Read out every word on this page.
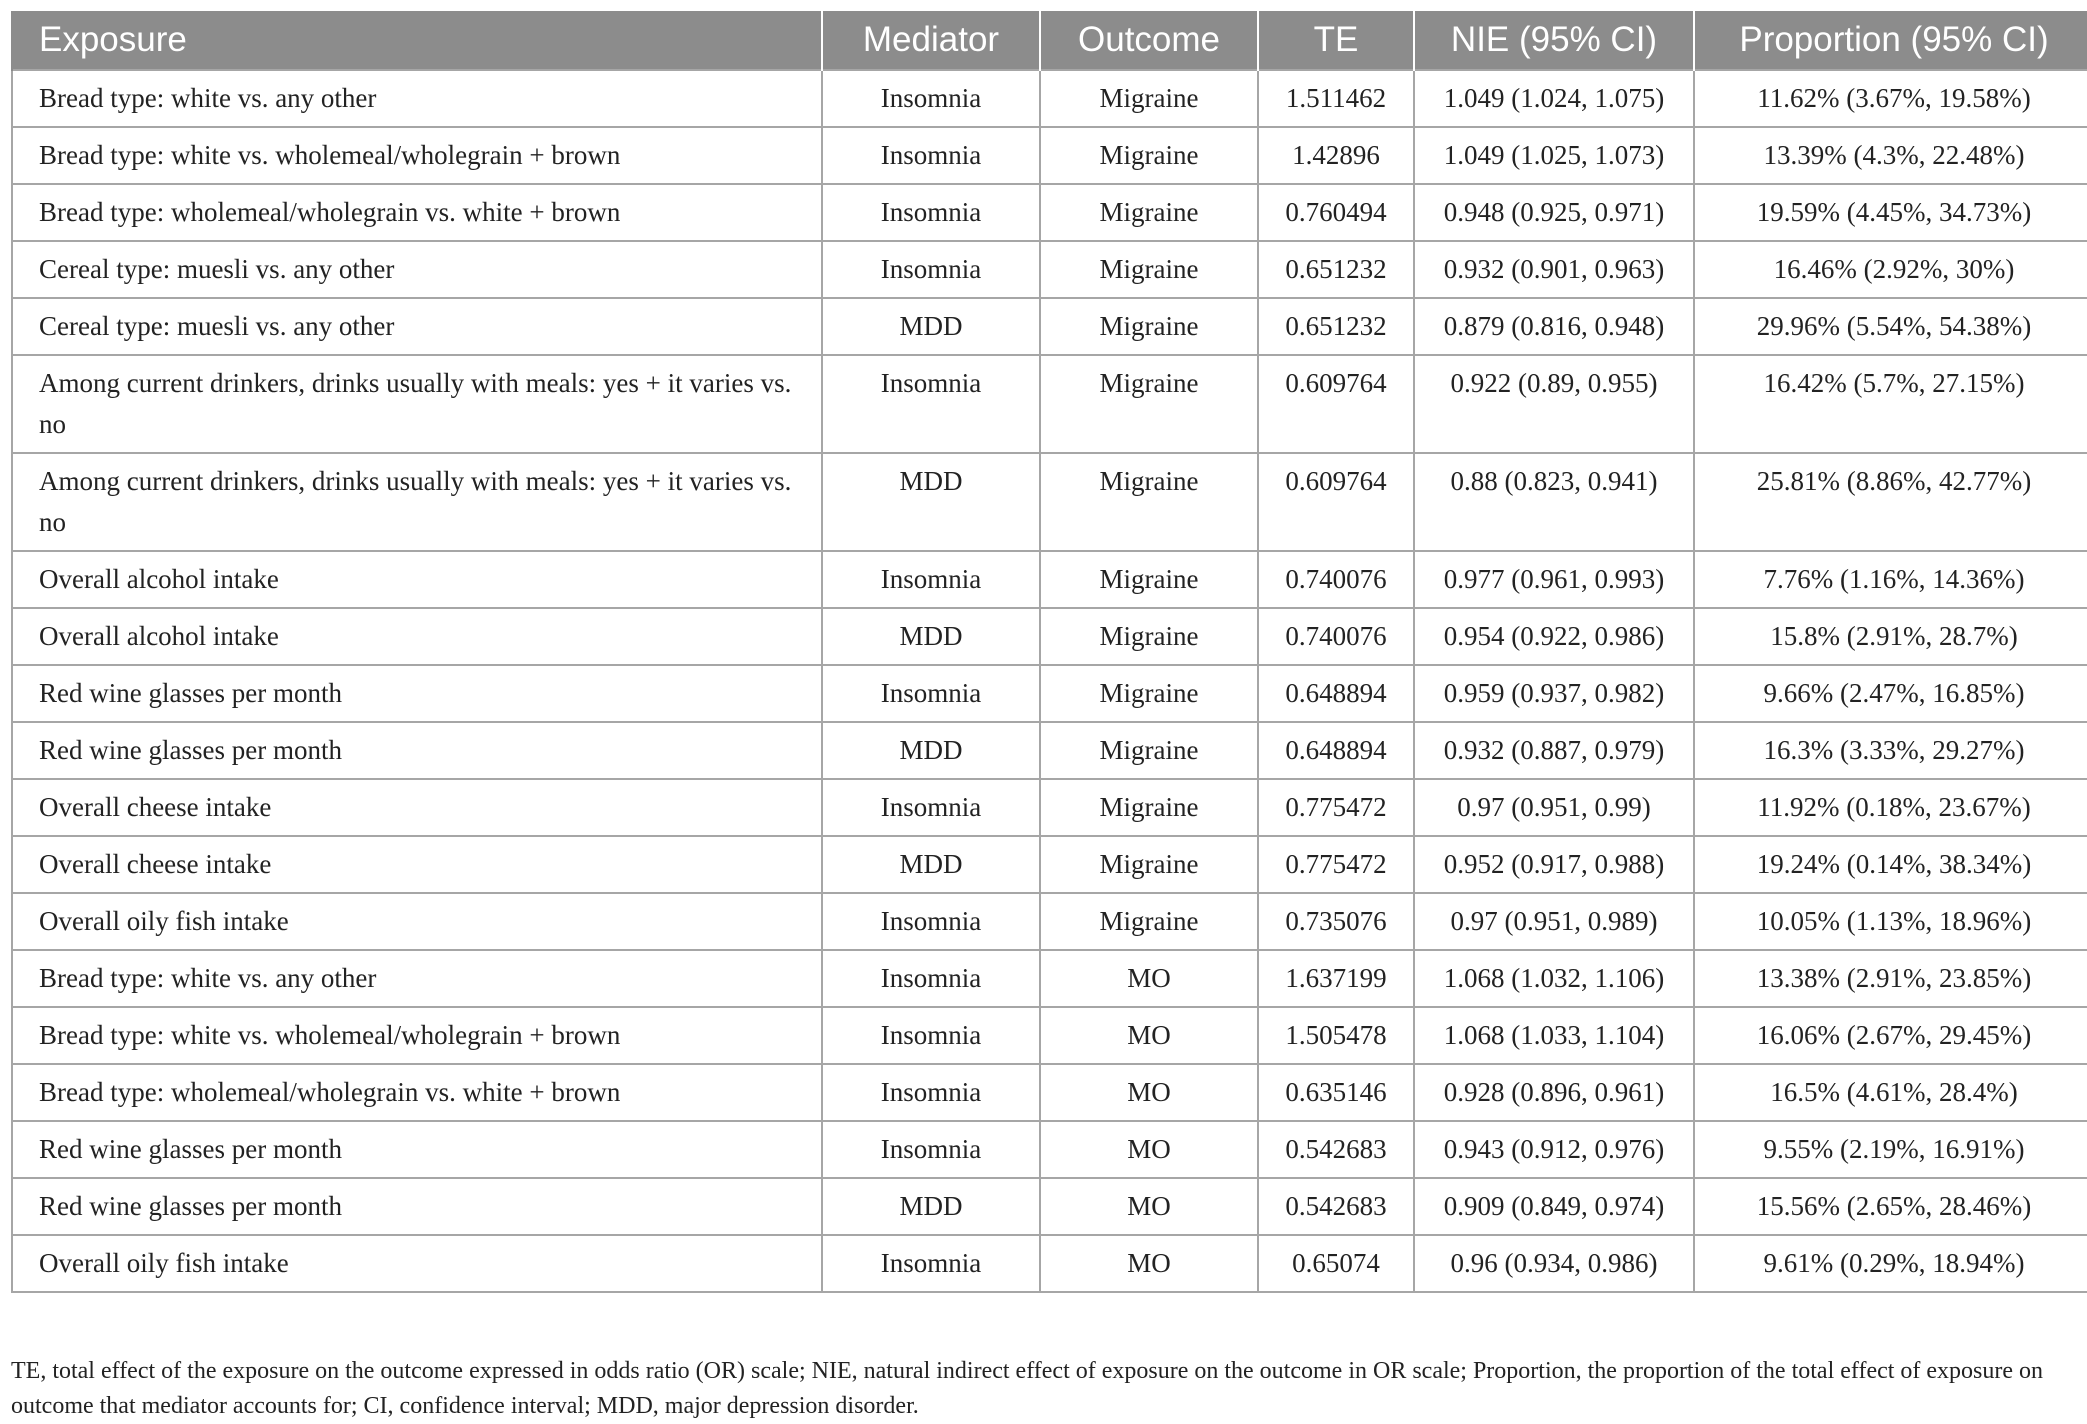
Exposure	Mediator	Outcome	TE	NIE (95% CI)	Proportion (95% CI)
Bread type: white vs. any other	Insomnia	Migraine	1.511462	1.049 (1.024, 1.075)	11.62% (3.67%, 19.58%)
Bread type: white vs. wholemeal/wholegrain + brown	Insomnia	Migraine	1.42896	1.049 (1.025, 1.073)	13.39% (4.3%, 22.48%)
Bread type: wholemeal/wholegrain vs. white + brown	Insomnia	Migraine	0.760494	0.948 (0.925, 0.971)	19.59% (4.45%, 34.73%)
Cereal type: muesli vs. any other	Insomnia	Migraine	0.651232	0.932 (0.901, 0.963)	16.46% (2.92%, 30%)
Cereal type: muesli vs. any other	MDD	Migraine	0.651232	0.879 (0.816, 0.948)	29.96% (5.54%, 54.38%)
Among current drinkers, drinks usually with meals: yes + it varies vs. no	Insomnia	Migraine	0.609764	0.922 (0.89, 0.955)	16.42% (5.7%, 27.15%)
Among current drinkers, drinks usually with meals: yes + it varies vs. no	MDD	Migraine	0.609764	0.88 (0.823, 0.941)	25.81% (8.86%, 42.77%)
Overall alcohol intake	Insomnia	Migraine	0.740076	0.977 (0.961, 0.993)	7.76% (1.16%, 14.36%)
Overall alcohol intake	MDD	Migraine	0.740076	0.954 (0.922, 0.986)	15.8% (2.91%, 28.7%)
Red wine glasses per month	Insomnia	Migraine	0.648894	0.959 (0.937, 0.982)	9.66% (2.47%, 16.85%)
Red wine glasses per month	MDD	Migraine	0.648894	0.932 (0.887, 0.979)	16.3% (3.33%, 29.27%)
Overall cheese intake	Insomnia	Migraine	0.775472	0.97 (0.951, 0.99)	11.92% (0.18%, 23.67%)
Overall cheese intake	MDD	Migraine	0.775472	0.952 (0.917, 0.988)	19.24% (0.14%, 38.34%)
Overall oily fish intake	Insomnia	Migraine	0.735076	0.97 (0.951, 0.989)	10.05% (1.13%, 18.96%)
Bread type: white vs. any other	Insomnia	MO	1.637199	1.068 (1.032, 1.106)	13.38% (2.91%, 23.85%)
Bread type: white vs. wholemeal/wholegrain + brown	Insomnia	MO	1.505478	1.068 (1.033, 1.104)	16.06% (2.67%, 29.45%)
Bread type: wholemeal/wholegrain vs. white + brown	Insomnia	MO	0.635146	0.928 (0.896, 0.961)	16.5% (4.61%, 28.4%)
Red wine glasses per month	Insomnia	MO	0.542683	0.943 (0.912, 0.976)	9.55% (2.19%, 16.91%)
Red wine glasses per month	MDD	MO	0.542683	0.909 (0.849, 0.974)	15.56% (2.65%, 28.46%)
Overall oily fish intake	Insomnia	MO	0.65074	0.96 (0.934, 0.986)	9.61% (0.29%, 18.94%)

TE, total effect of the exposure on the outcome expressed in odds ratio (OR) scale; NIE, natural indirect effect of exposure on the outcome in OR scale; Proportion, the proportion of the total effect of exposure on outcome that mediator accounts for; CI, confidence interval; MDD, major depression disorder.
